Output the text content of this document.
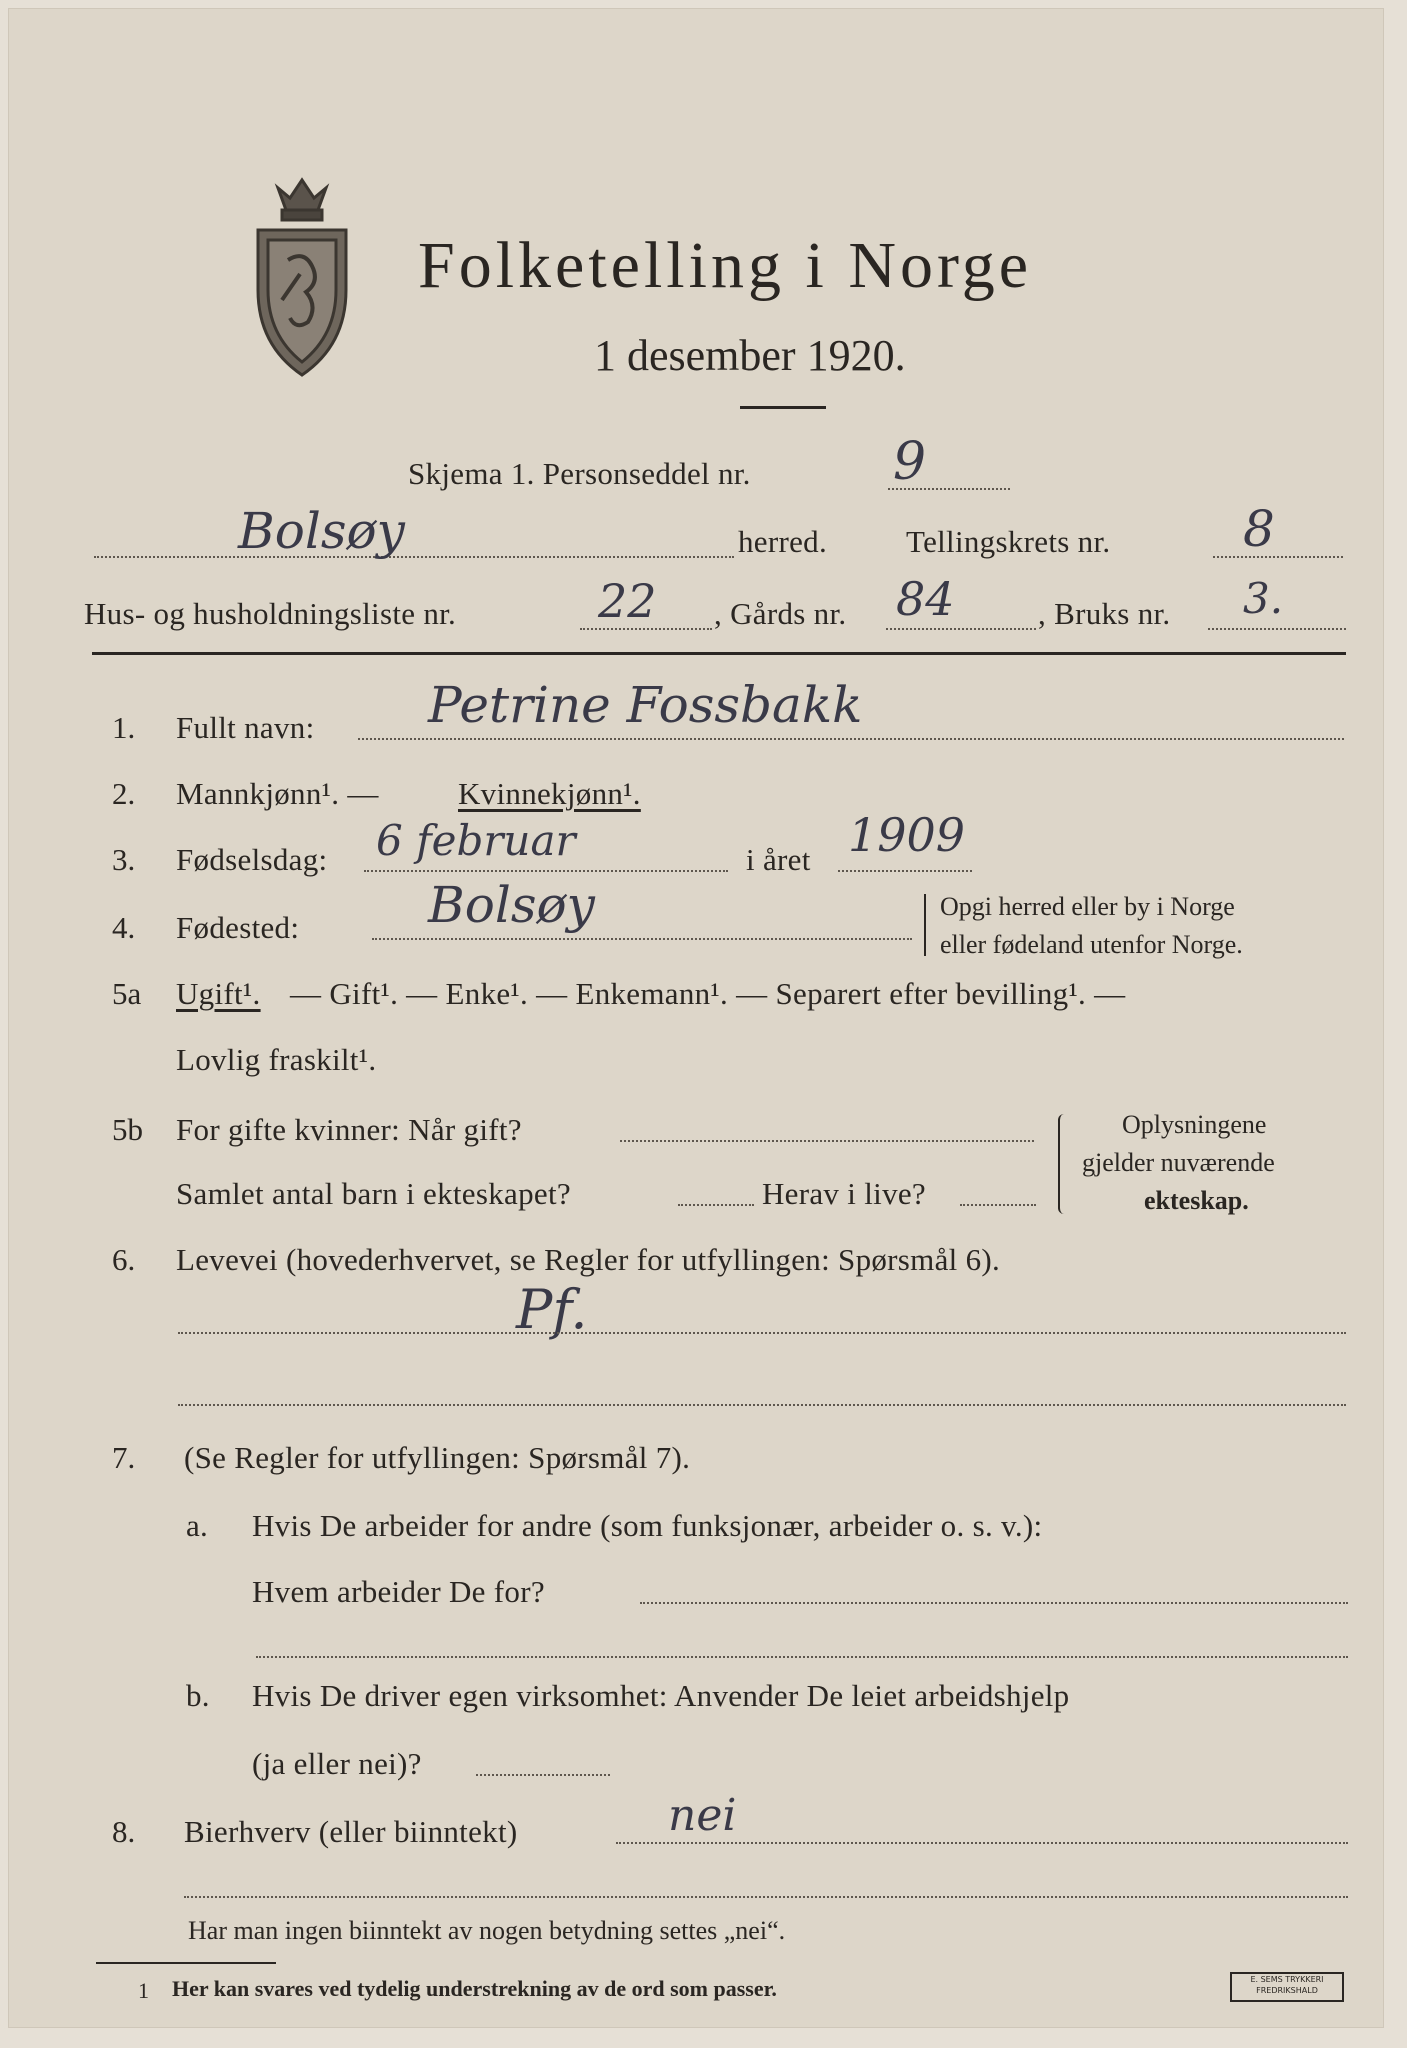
Folketelling i Norge
1 desember 1920.
Skjema 1. Personseddel nr.	9
Bolsøy	herred.	Tellingskrets nr.	8
Hus- og husholdningsliste nr.	22 , Gårds nr. 84	, Bruks nr. 3.
1. Fullt navn: Petrine Fossbakk
2. Mannkjønn¹. —	Kvinnekjønn¹.
3. Fødselsdag: 6 februar	i året 1909
4. Fødested:	Bolsøy	Opgi herred eller by i Norge
eller fødeland utenfor Norge.
5a Ugift¹. — Gift¹. — Enke¹. — Enkemann¹. — Separert efter bevilling¹. —
Lovlig fraskilt¹.
5b For gifte kvinner: Når gift?
Samlet antal barn i ekteskapet?	Herav i live?
Oplysningene
gjelder nuværende
ekteskap.
6. Levevei (hovederhvervet, se Regler for utfyllingen: Spørsmål 6).
Pf.
7. (Se Regler for utfyllingen: Spørsmål 7).
a. Hvis De arbeider for andre (som funksjonær, arbeider o. s. v.):
Hvem arbeider De for?
b. Hvis De driver egen virksomhet: Anvender De leiet arbeidshjelp
(ja eller nei)?
8. Bierhverv (eller biinntekt)	nei
Har man ingen biinntekt av nogen betydning settes „nei“.
1 Her kan svares ved tydelig understrekning av de ord som passer.	E. SEMS TRYKKERI FREDRIKSHALD
